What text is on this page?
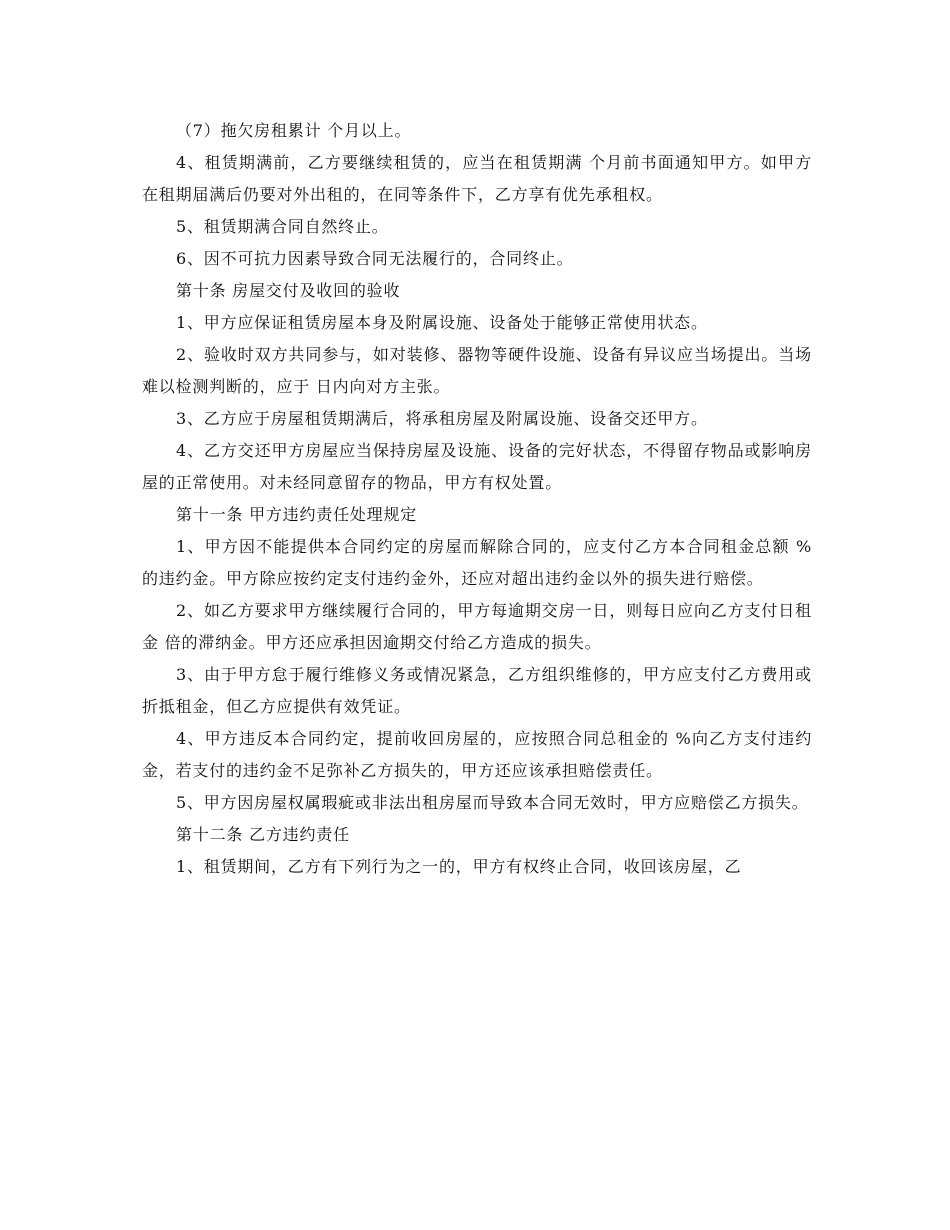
（7）拖欠房租累计 个月以上。

4、租赁期满前，乙方要继续租赁的，应当在租赁期满 个月前书面通知甲方。如甲方在租期届满后仍要对外出租的，在同等条件下，乙方享有优先承租权。

5、租赁期满合同自然终止。

6、因不可抗力因素导致合同无法履行的，合同终止。

第十条 房屋交付及收回的验收

1、甲方应保证租赁房屋本身及附属设施、设备处于能够正常使用状态。

2、验收时双方共同参与，如对装修、器物等硬件设施、设备有异议应当场提出。当场难以检测判断的，应于 日内向对方主张。

3、乙方应于房屋租赁期满后，将承租房屋及附属设施、设备交还甲方。

4、乙方交还甲方房屋应当保持房屋及设施、设备的完好状态，不得留存物品或影响房屋的正常使用。对未经同意留存的物品，甲方有权处置。

第十一条 甲方违约责任处理规定

1、甲方因不能提供本合同约定的房屋而解除合同的，应支付乙方本合同租金总额 %的违约金。甲方除应按约定支付违约金外，还应对超出违约金以外的损失进行赔偿。

2、如乙方要求甲方继续履行合同的，甲方每逾期交房一日，则每日应向乙方支付日租金 倍的滞纳金。甲方还应承担因逾期交付给乙方造成的损失。

3、由于甲方怠于履行维修义务或情况紧急，乙方组织维修的，甲方应支付乙方费用或折抵租金，但乙方应提供有效凭证。

4、甲方违反本合同约定，提前收回房屋的，应按照合同总租金的 %向乙方支付违约金，若支付的违约金不足弥补乙方损失的，甲方还应该承担赔偿责任。

5、甲方因房屋权属瑕疵或非法出租房屋而导致本合同无效时，甲方应赔偿乙方损失。

第十二条 乙方违约责任

1、租赁期间，乙方有下列行为之一的，甲方有权终止合同，收回该房屋，乙
